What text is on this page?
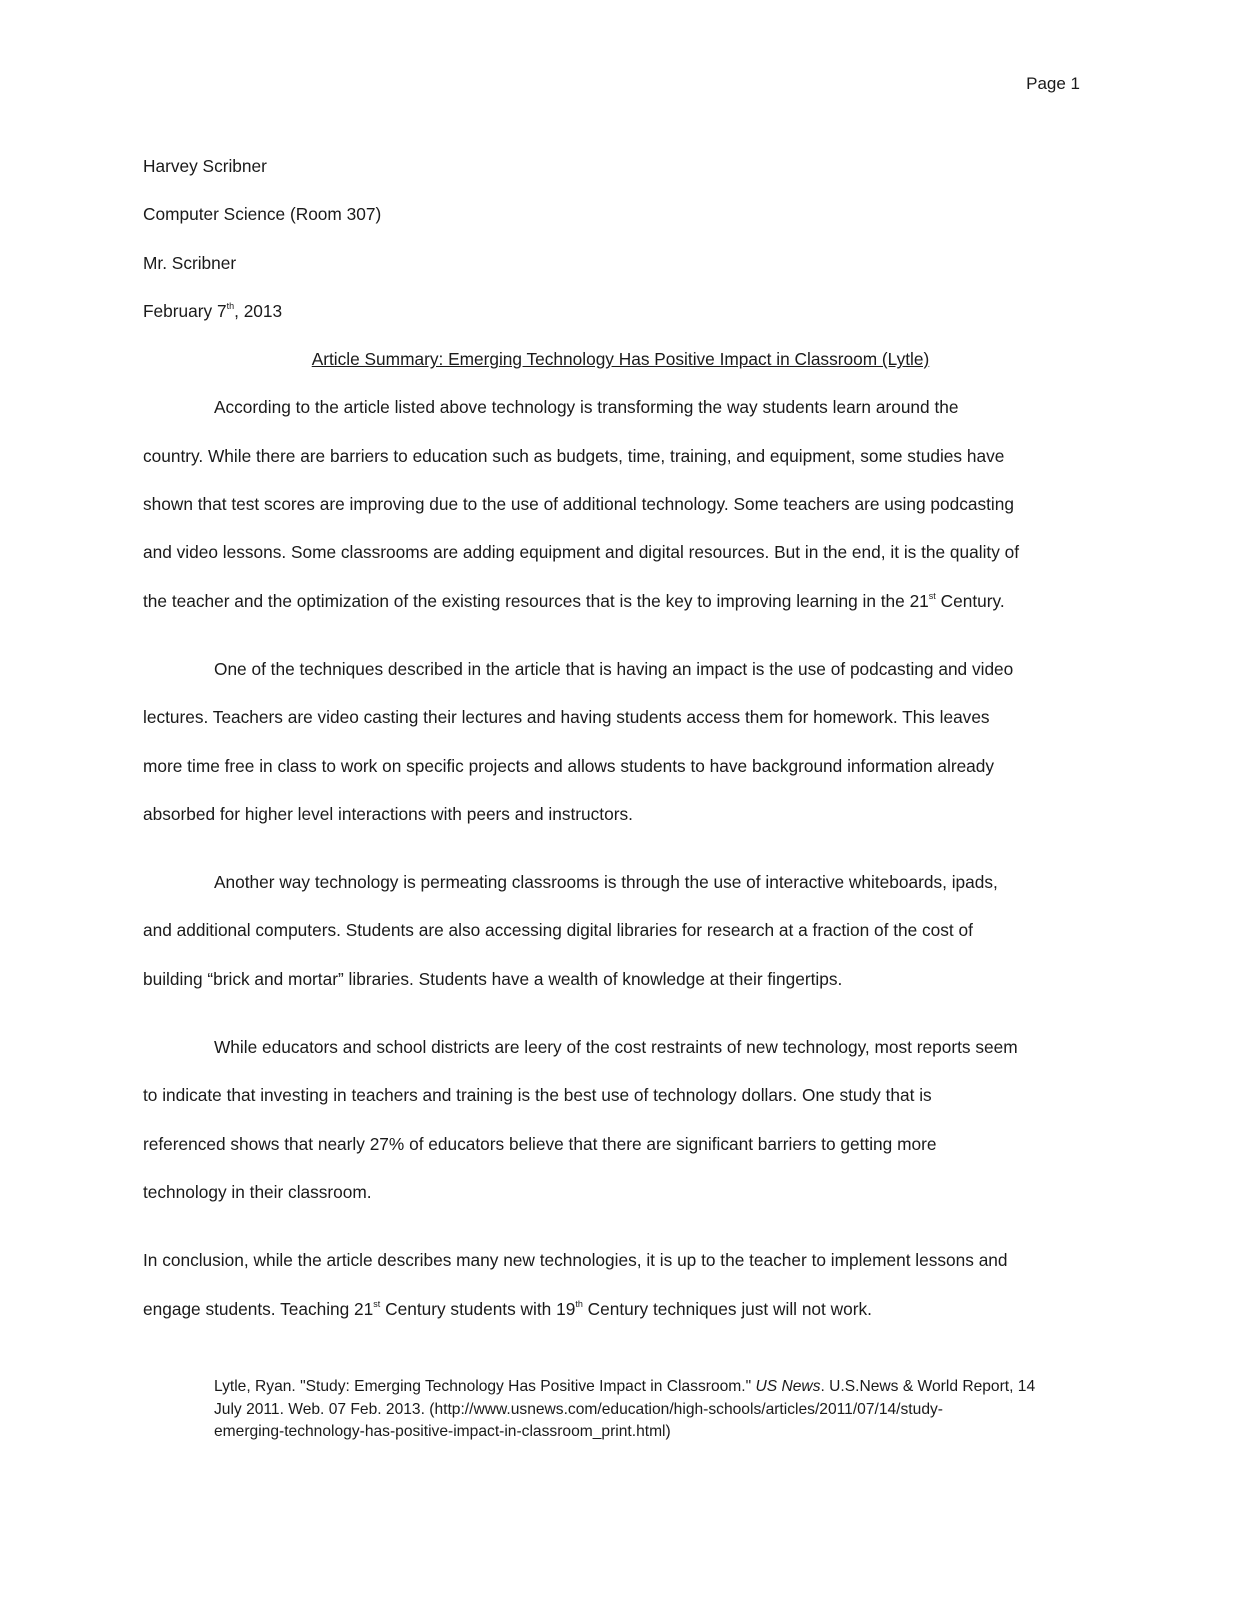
Page 1
Harvey Scribner
Computer Science (Room 307)
Mr. Scribner
February 7th, 2013
Article Summary: Emerging Technology Has Positive Impact in Classroom (Lytle)
According to the article listed above technology is transforming the way students learn around the
country. While there are barriers to education such as budgets, time, training, and equipment, some studies have
shown that test scores are improving due to the use of additional technology. Some teachers are using podcasting
and video lessons. Some classrooms are adding equipment and digital resources. But in the end, it is the quality of
the teacher and the optimization of the existing resources that is the key to improving learning in the 21st Century.
One of the techniques described in the article that is having an impact is the use of podcasting and video
lectures. Teachers are video casting their lectures and having students access them for homework. This leaves
more time free in class to work on specific projects and allows students to have background information already
absorbed for higher level interactions with peers and instructors.
Another way technology is permeating classrooms is through the use of interactive whiteboards, ipads,
and additional computers. Students are also accessing digital libraries for research at a fraction of the cost of
building “brick and mortar” libraries. Students have a wealth of knowledge at their fingertips.
While educators and school districts are leery of the cost restraints of new technology, most reports seem
to indicate that investing in teachers and training is the best use of technology dollars. One study that is
referenced shows that nearly 27% of educators believe that there are significant barriers to getting more
technology in their classroom.
In conclusion, while the article describes many new technologies, it is up to the teacher to implement lessons and
engage students. Teaching 21st Century students with 19th Century techniques just will not work.
Lytle, Ryan. "Study: Emerging Technology Has Positive Impact in Classroom." US News. U.S.News & World Report, 14
July 2011. Web. 07 Feb. 2013. (http://www.usnews.com/education/high-schools/articles/2011/07/14/study-
emerging-technology-has-positive-impact-in-classroom_print.html)
